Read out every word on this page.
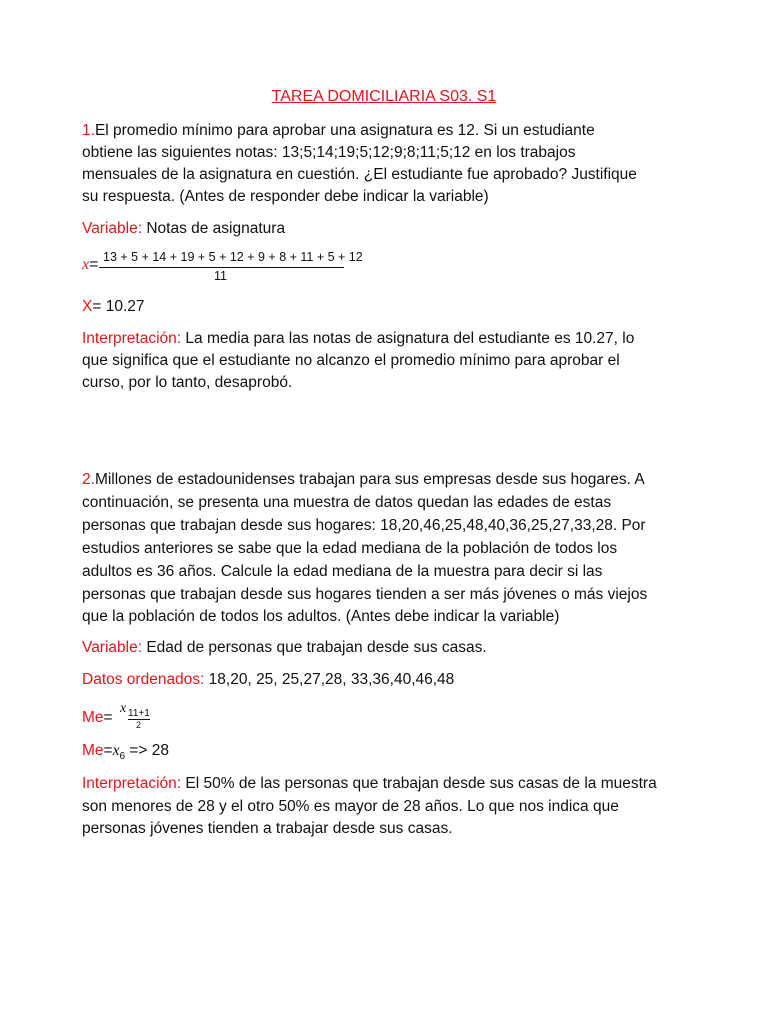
TAREA DOMICILIARIA S03. S1
1.El promedio mínimo para aprobar una asignatura es 12. Si un estudiante
obtiene las siguientes notas: 13;5;14;19;5;12;9;8;11;5;12 en los trabajos
mensuales de la asignatura en cuestión. ¿El estudiante fue aprobado? Justifique
su respuesta. (Antes de responder debe indicar la variable)
Variable: Notas de asignatura
x= 13 + 5 + 14 + 19 + 5 + 12 + 9 + 8 + 11 + 5 + 12
11
X= 10.27
Interpretación: La media para las notas de asignatura del estudiante es 10.27, lo
que significa que el estudiante no alcanzo el promedio mínimo para aprobar el
curso, por lo tanto, desaprobó.
2.Millones de estadounidenses trabajan para sus empresas desde sus hogares. A
continuación, se presenta una muestra de datos quedan las edades de estas
personas que trabajan desde sus hogares: 18,20,46,25,48,40,36,25,27,33,28. Por
estudios anteriores se sabe que la edad mediana de la población de todos los
adultos es 36 años. Calcule la edad mediana de la muestra para decir si las
personas que trabajan desde sus hogares tienden a ser más jóvenes o más viejos
que la población de todos los adultos. (Antes debe indicar la variable)
Variable: Edad de personas que trabajan desde sus casas.
Datos ordenados: 18,20, 25, 25,27,28, 33,36,40,46,48
Me=
x 11+1
2
$Me=x_6 => 28$
Interpretación: El 50% de las personas que trabajan desde sus casas de la muestra
son menores de 28 y el otro 50% es mayor de 28 años. Lo que nos indica que
personas jóvenes tienden a trabajar desde sus casas.
